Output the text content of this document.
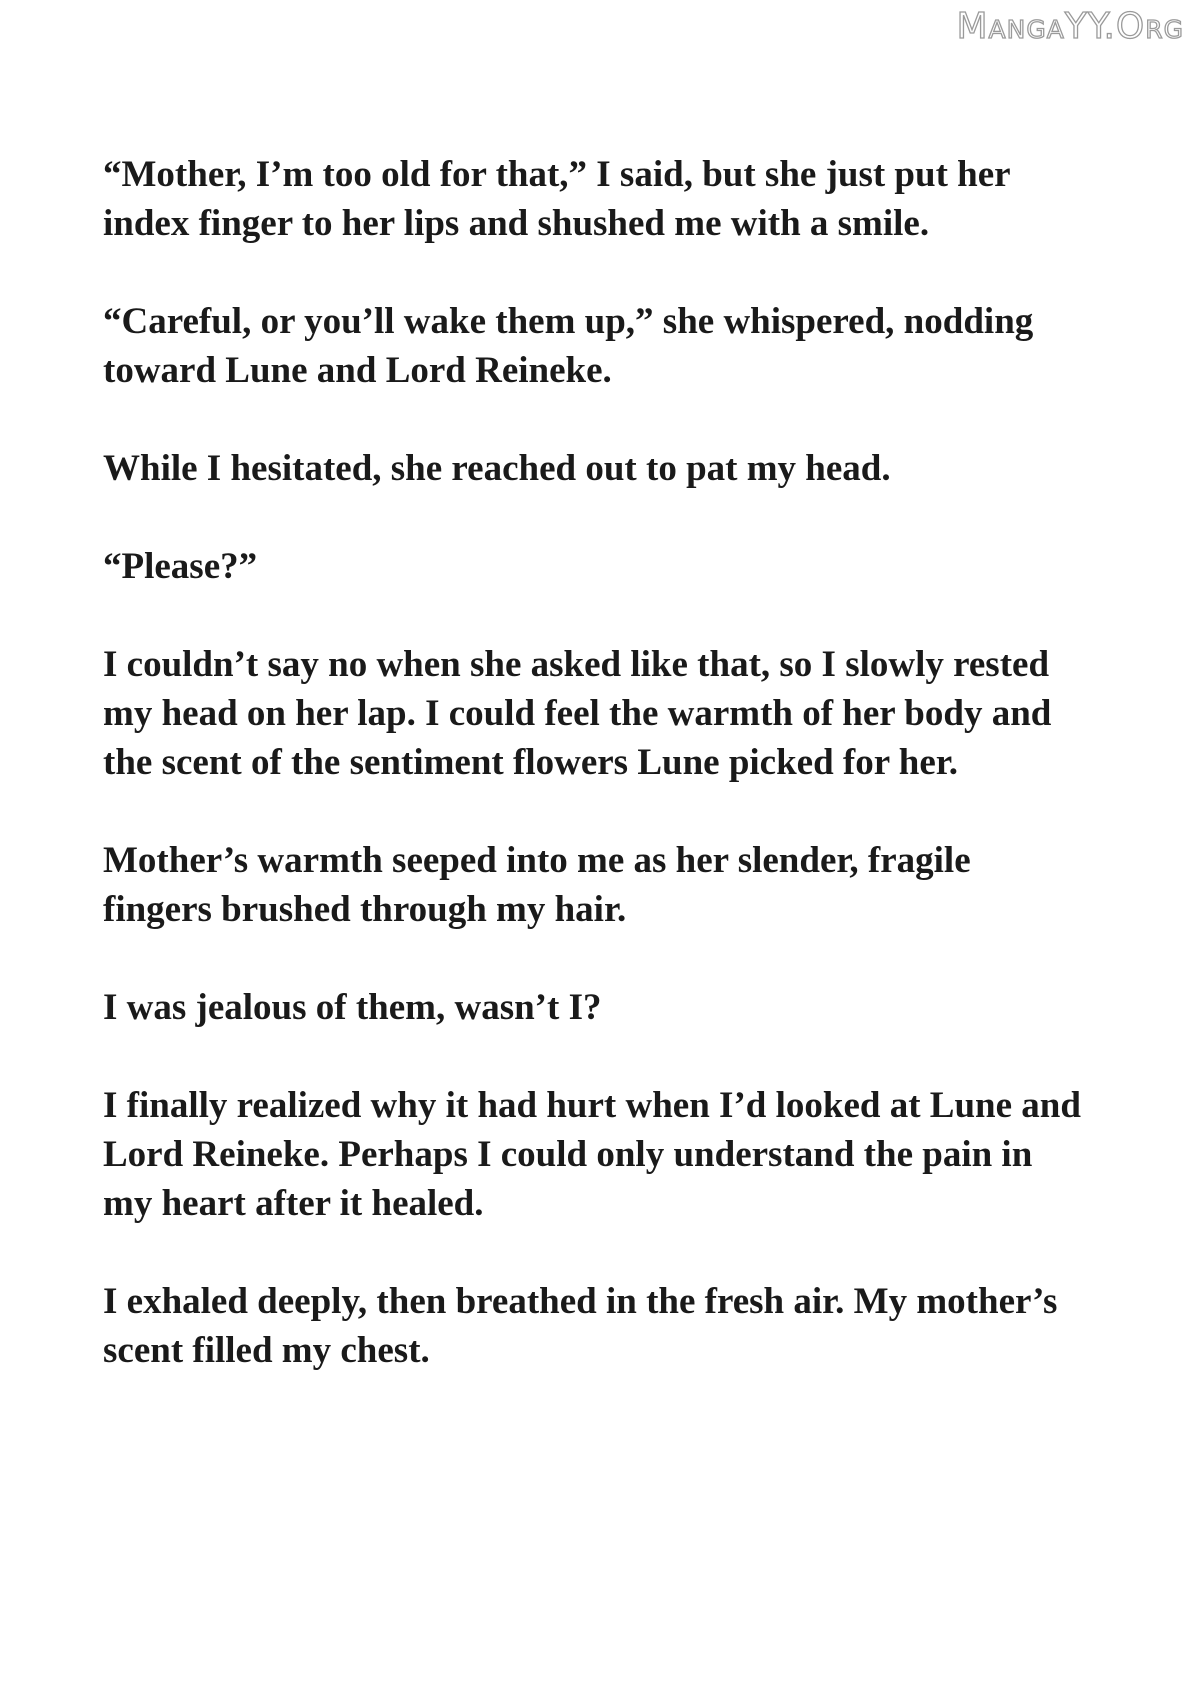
MangaYY.Org

“Mother, I’m too old for that,” I said, but she just put her
index finger to her lips and shushed me with a smile.

“Careful, or you’ll wake them up,” she whispered, nodding
toward Lune and Lord Reineke.

While I hesitated, she reached out to pat my head.

“Please?”

I couldn’t say no when she asked like that, so I slowly rested
my head on her lap. I could feel the warmth of her body and
the scent of the sentiment flowers Lune picked for her.

Mother’s warmth seeped into me as her slender, fragile
fingers brushed through my hair.

I was jealous of them, wasn’t I?

I finally realized why it had hurt when I’d looked at Lune and
Lord Reineke. Perhaps I could only understand the pain in
my heart after it healed.

I exhaled deeply, then breathed in the fresh air. My mother’s
scent filled my chest.
